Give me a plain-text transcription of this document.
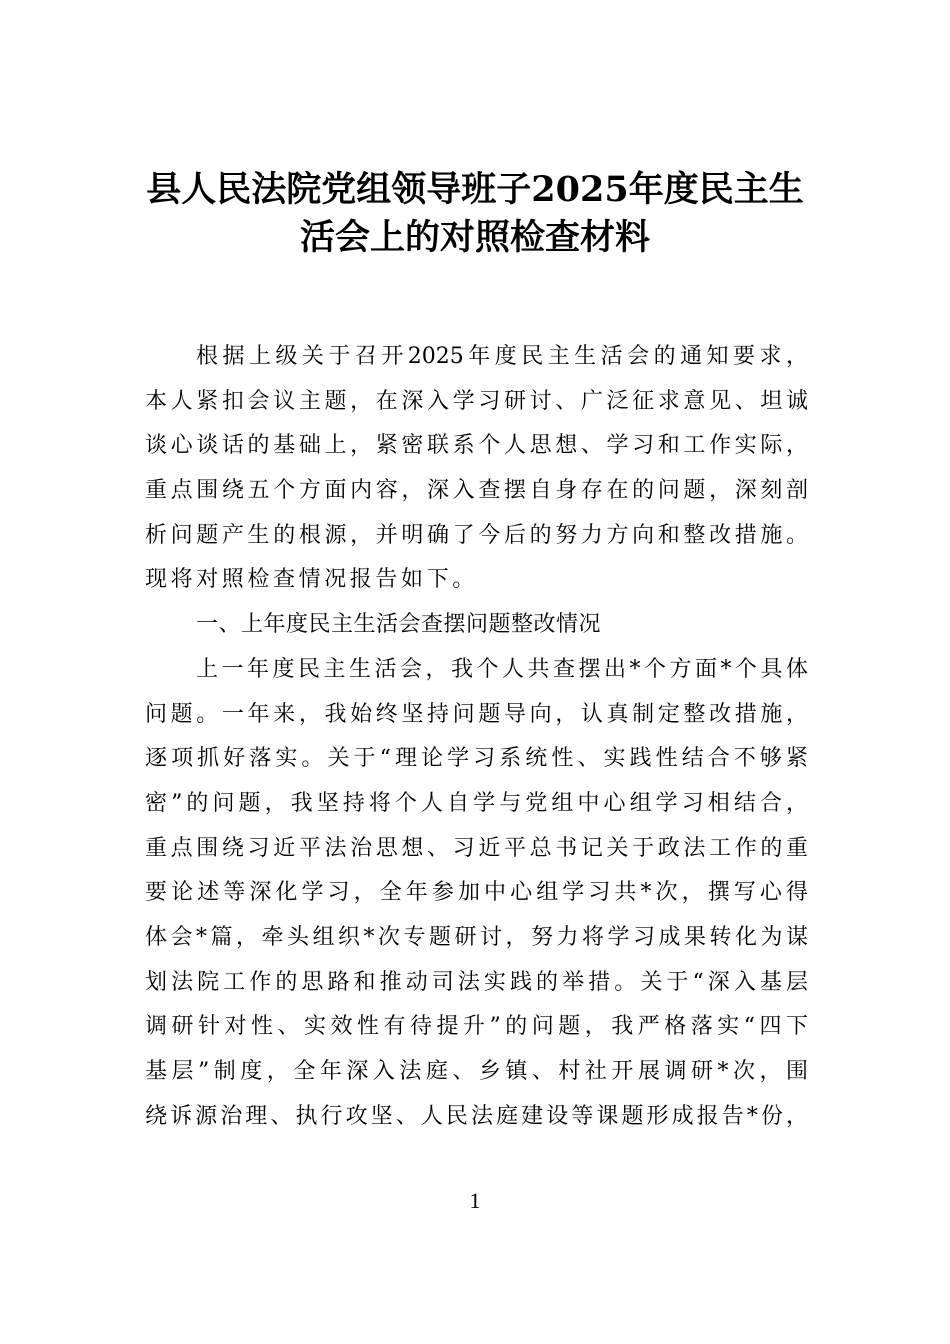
县人民法院党组领导班子2025年度民主生
活会上的对照检查材料
根据上级关于召开2025年度民主生活会的通知要求，
本人紧扣会议主题，在深入学习研讨、广泛征求意见、坦诚
谈心谈话的基础上，紧密联系个人思想、学习和工作实际，
重点围绕五个方面内容，深入查摆自身存在的问题，深刻剖
析问题产生的根源，并明确了今后的努力方向和整改措施。
现将对照检查情况报告如下。
一、上年度民主生活会查摆问题整改情况
上一年度民主生活会，我个人共查摆出*个方面*个具体
问题。一年来，我始终坚持问题导向，认真制定整改措施，
逐项抓好落实。关于“理论学习系统性、实践性结合不够紧
密”的问题，我坚持将个人自学与党组中心组学习相结合，
重点围绕习近平法治思想、习近平总书记关于政法工作的重
要论述等深化学习，全年参加中心组学习共*次，撰写心得
体会*篇，牵头组织*次专题研讨，努力将学习成果转化为谋
划法院工作的思路和推动司法实践的举措。关于“深入基层
调研针对性、实效性有待提升”的问题，我严格落实“四下
基层”制度，全年深入法庭、乡镇、村社开展调研*次，围
绕诉源治理、执行攻坚、人民法庭建设等课题形成报告*份，
1
